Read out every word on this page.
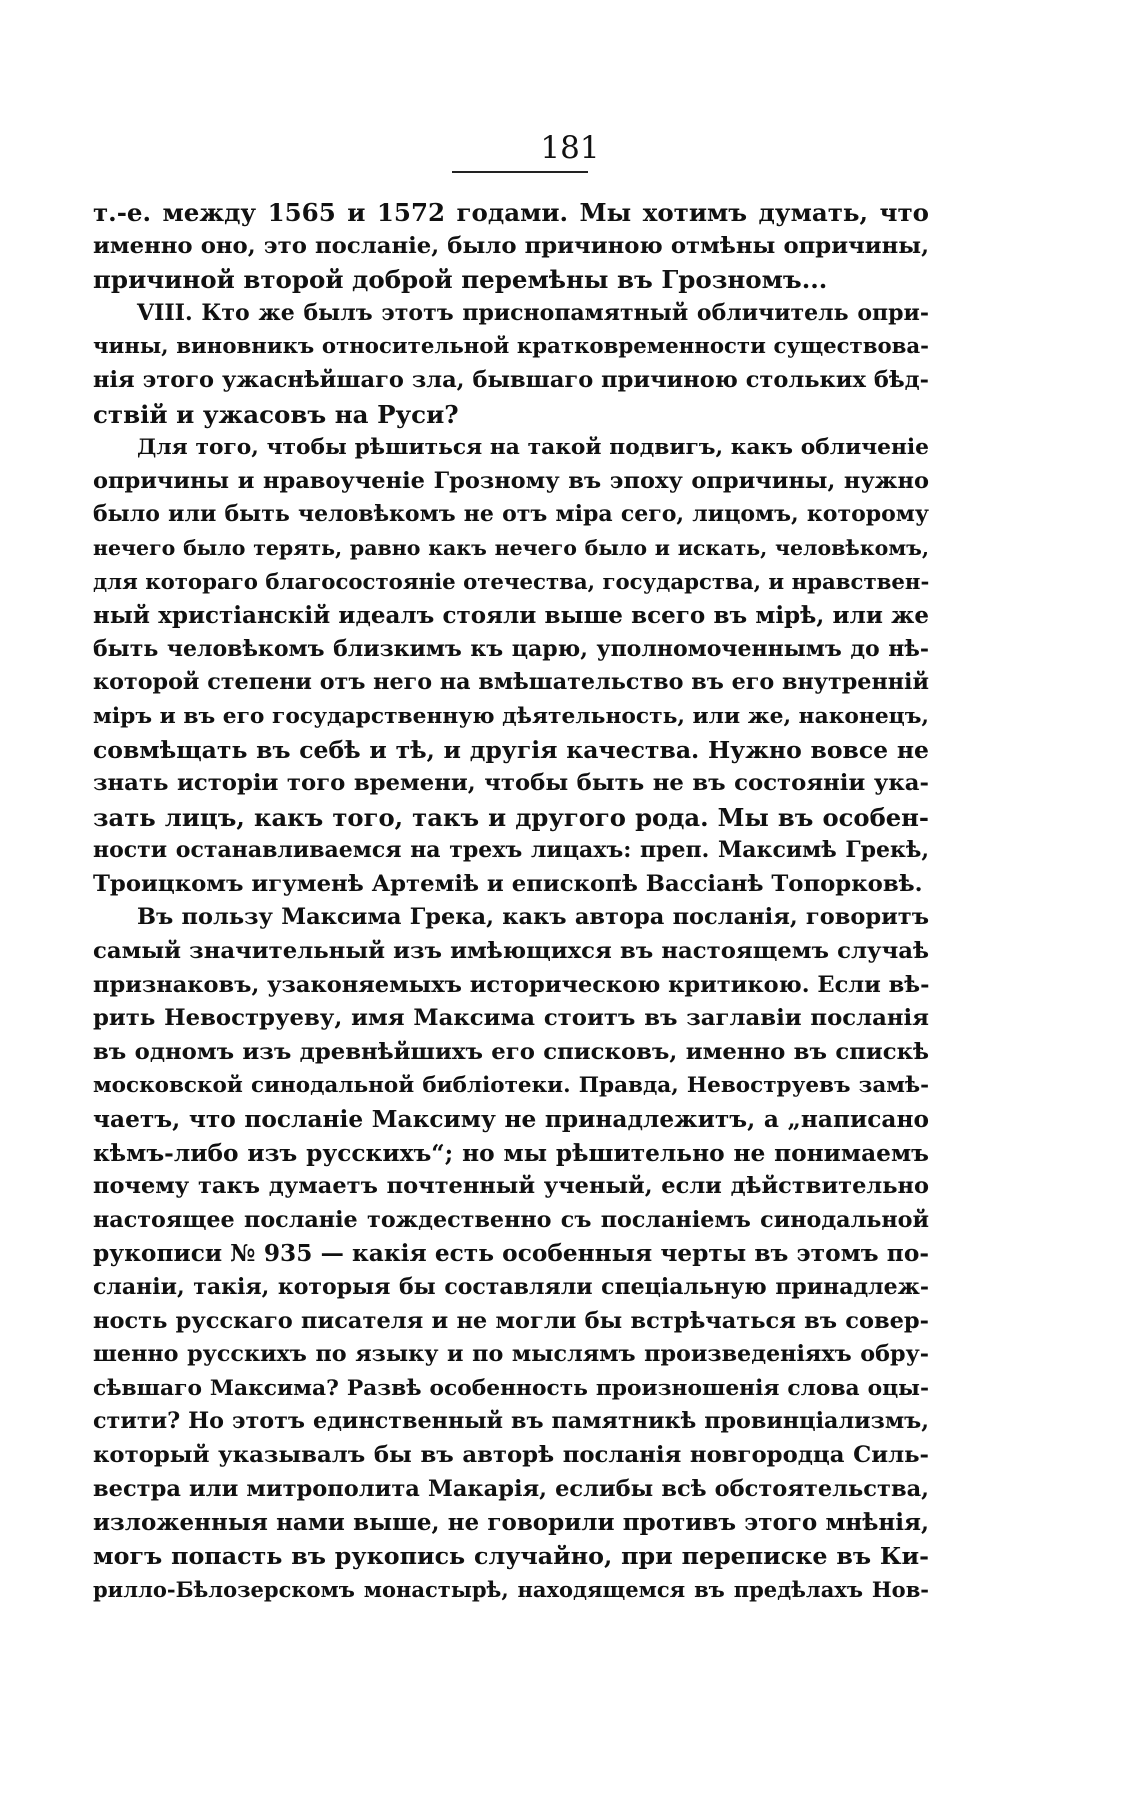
181
т.-е. между 1565 и 1572 годами. Мы хотимъ думать, что
именно оно, это посланіе, было причиною отмѣны опричины,
причиной второй доброй перемѣны въ Грозномъ...
VIII. Кто же былъ этотъ приснопамятный обличитель опри-
чины, виновникъ относительной кратковременности существова-
нія этого ужаснѣйшаго зла, бывшаго причиною стольких бѣд-
ствій и ужасовъ на Руси?
Для того, чтобы рѣшиться на такой подвигъ, какъ обличеніе
опричины и нравоученіе Грозному въ эпоху опричины, нужно
было или быть человѣкомъ не отъ міра сего, лицомъ, которому
нечего было терять, равно какъ нечего было и искать, человѣкомъ,
для котораго благосостояніе отечества, государства, и нравствен-
ный христіанскій идеалъ стояли выше всего въ мірѣ, или же
быть человѣкомъ близкимъ къ царю, уполномоченнымъ до нѣ-
которой степени отъ него на вмѣшательство въ его внутренній
міръ и въ его государственную дѣятельность, или же, наконецъ,
совмѣщать въ себѣ и тѣ, и другія качества. Нужно вовсе не
знать исторіи того времени, чтобы быть не въ состояніи ука-
зать лицъ, какъ того, такъ и другого рода. Мы въ особен-
ности останавливаемся на трехъ лицахъ: преп. Максимѣ Грекѣ,
Троицкомъ игуменѣ Артеміѣ и епископѣ Вассіанѣ Топорковѣ.
Въ пользу Максима Грека, какъ автора посланія, говоритъ
самый значительный изъ имѣющихся въ настоящемъ случаѣ
признаковъ, узаконяемыхъ историческою критикою. Если вѣ-
рить Невоструеву, имя Максима стоитъ въ заглавіи посланія
въ одномъ изъ древнѣйшихъ его списковъ, именно въ спискѣ
московской синодальной библіотеки. Правда, Невоструевъ замѣ-
чаетъ, что посланіе Максиму не принадлежитъ, а „написано
кѣмъ-либо изъ русскихъ“; но мы рѣшительно не понимаемъ
почему такъ думаетъ почтенный ученый, если дѣйствительно
настоящее посланіе тождественно съ посланіемъ синодальной
рукописи № 935 — какія есть особенныя черты въ этомъ по-
сланіи, такія, которыя бы составляли спеціальную принадлеж-
ность русскаго писателя и не могли бы встрѣчаться въ совер-
шенно русскихъ по языку и по мыслямъ произведеніяхъ обру-
сѣвшаго Максима? Развѣ особенность произношенія слова оцы-
стити? Но этотъ единственный въ памятникѣ провинціализмъ,
который указывалъ бы въ авторѣ посланія новгородца Силь-
вестра или митрополита Макарія, еслибы всѣ обстоятельства,
изложенныя нами выше, не говорили противъ этого мнѣнія,
могъ попасть въ рукопись случайно, при переписке въ Ки-
рилло-Бѣлозерскомъ монастырѣ, находящемся въ предѣлахъ Нов-
